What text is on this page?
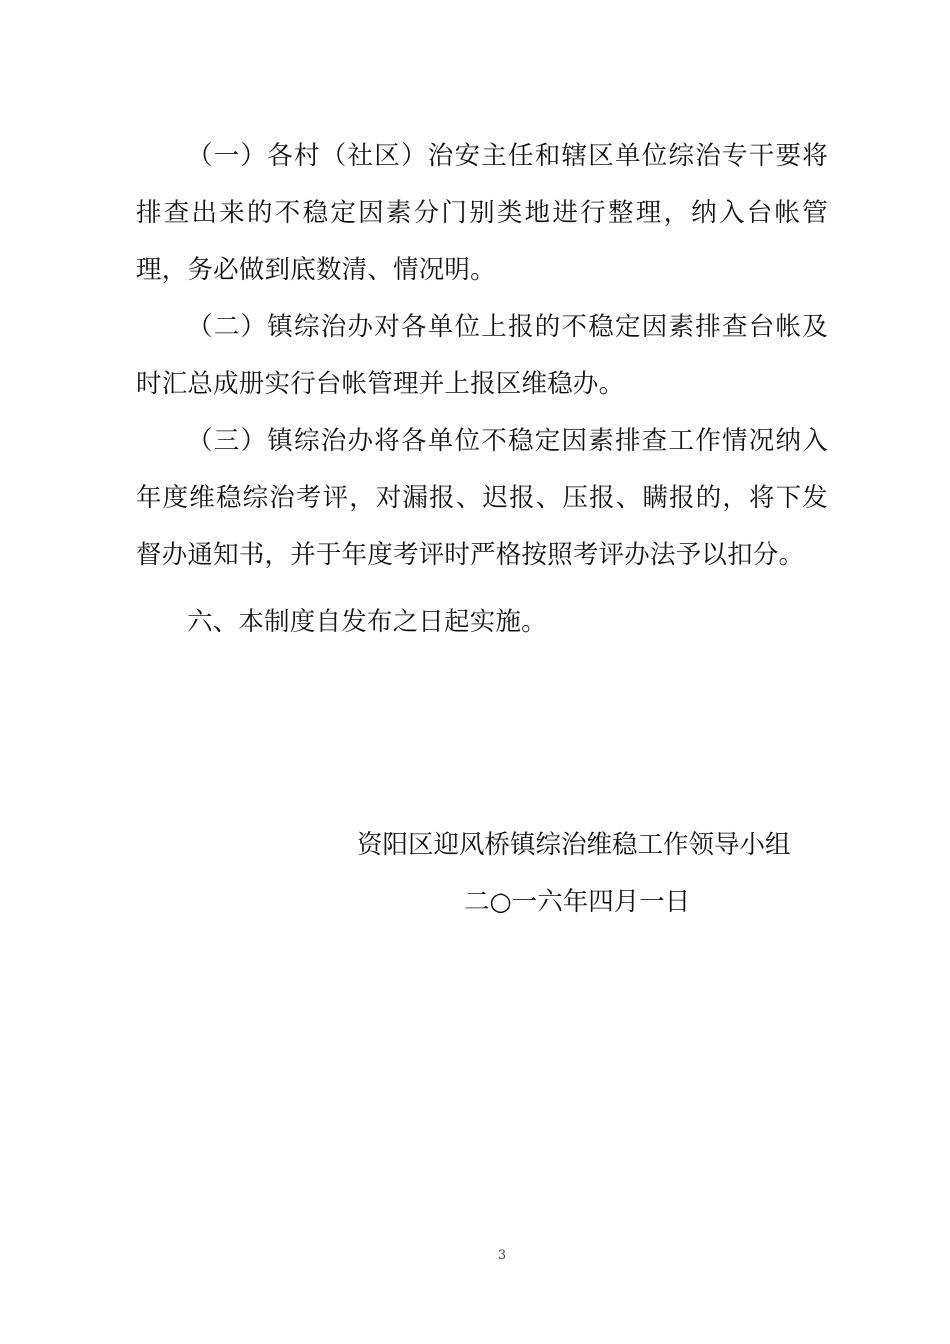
（一）各村（社区）治安主任和辖区单位综治专干要将排查出来的不稳定因素分门别类地进行整理，纳入台帐管理，务必做到底数清、情况明。

（二）镇综治办对各单位上报的不稳定因素排查台帐及时汇总成册实行台帐管理并上报区维稳办。

（三）镇综治办将各单位不稳定因素排查工作情况纳入年度维稳综治考评，对漏报、迟报、压报、瞒报的，将下发督办通知书，并于年度考评时严格按照考评办法予以扣分。

六、本制度自发布之日起实施。

资阳区迎风桥镇综治维稳工作领导小组

二○一六年四月一日

3
